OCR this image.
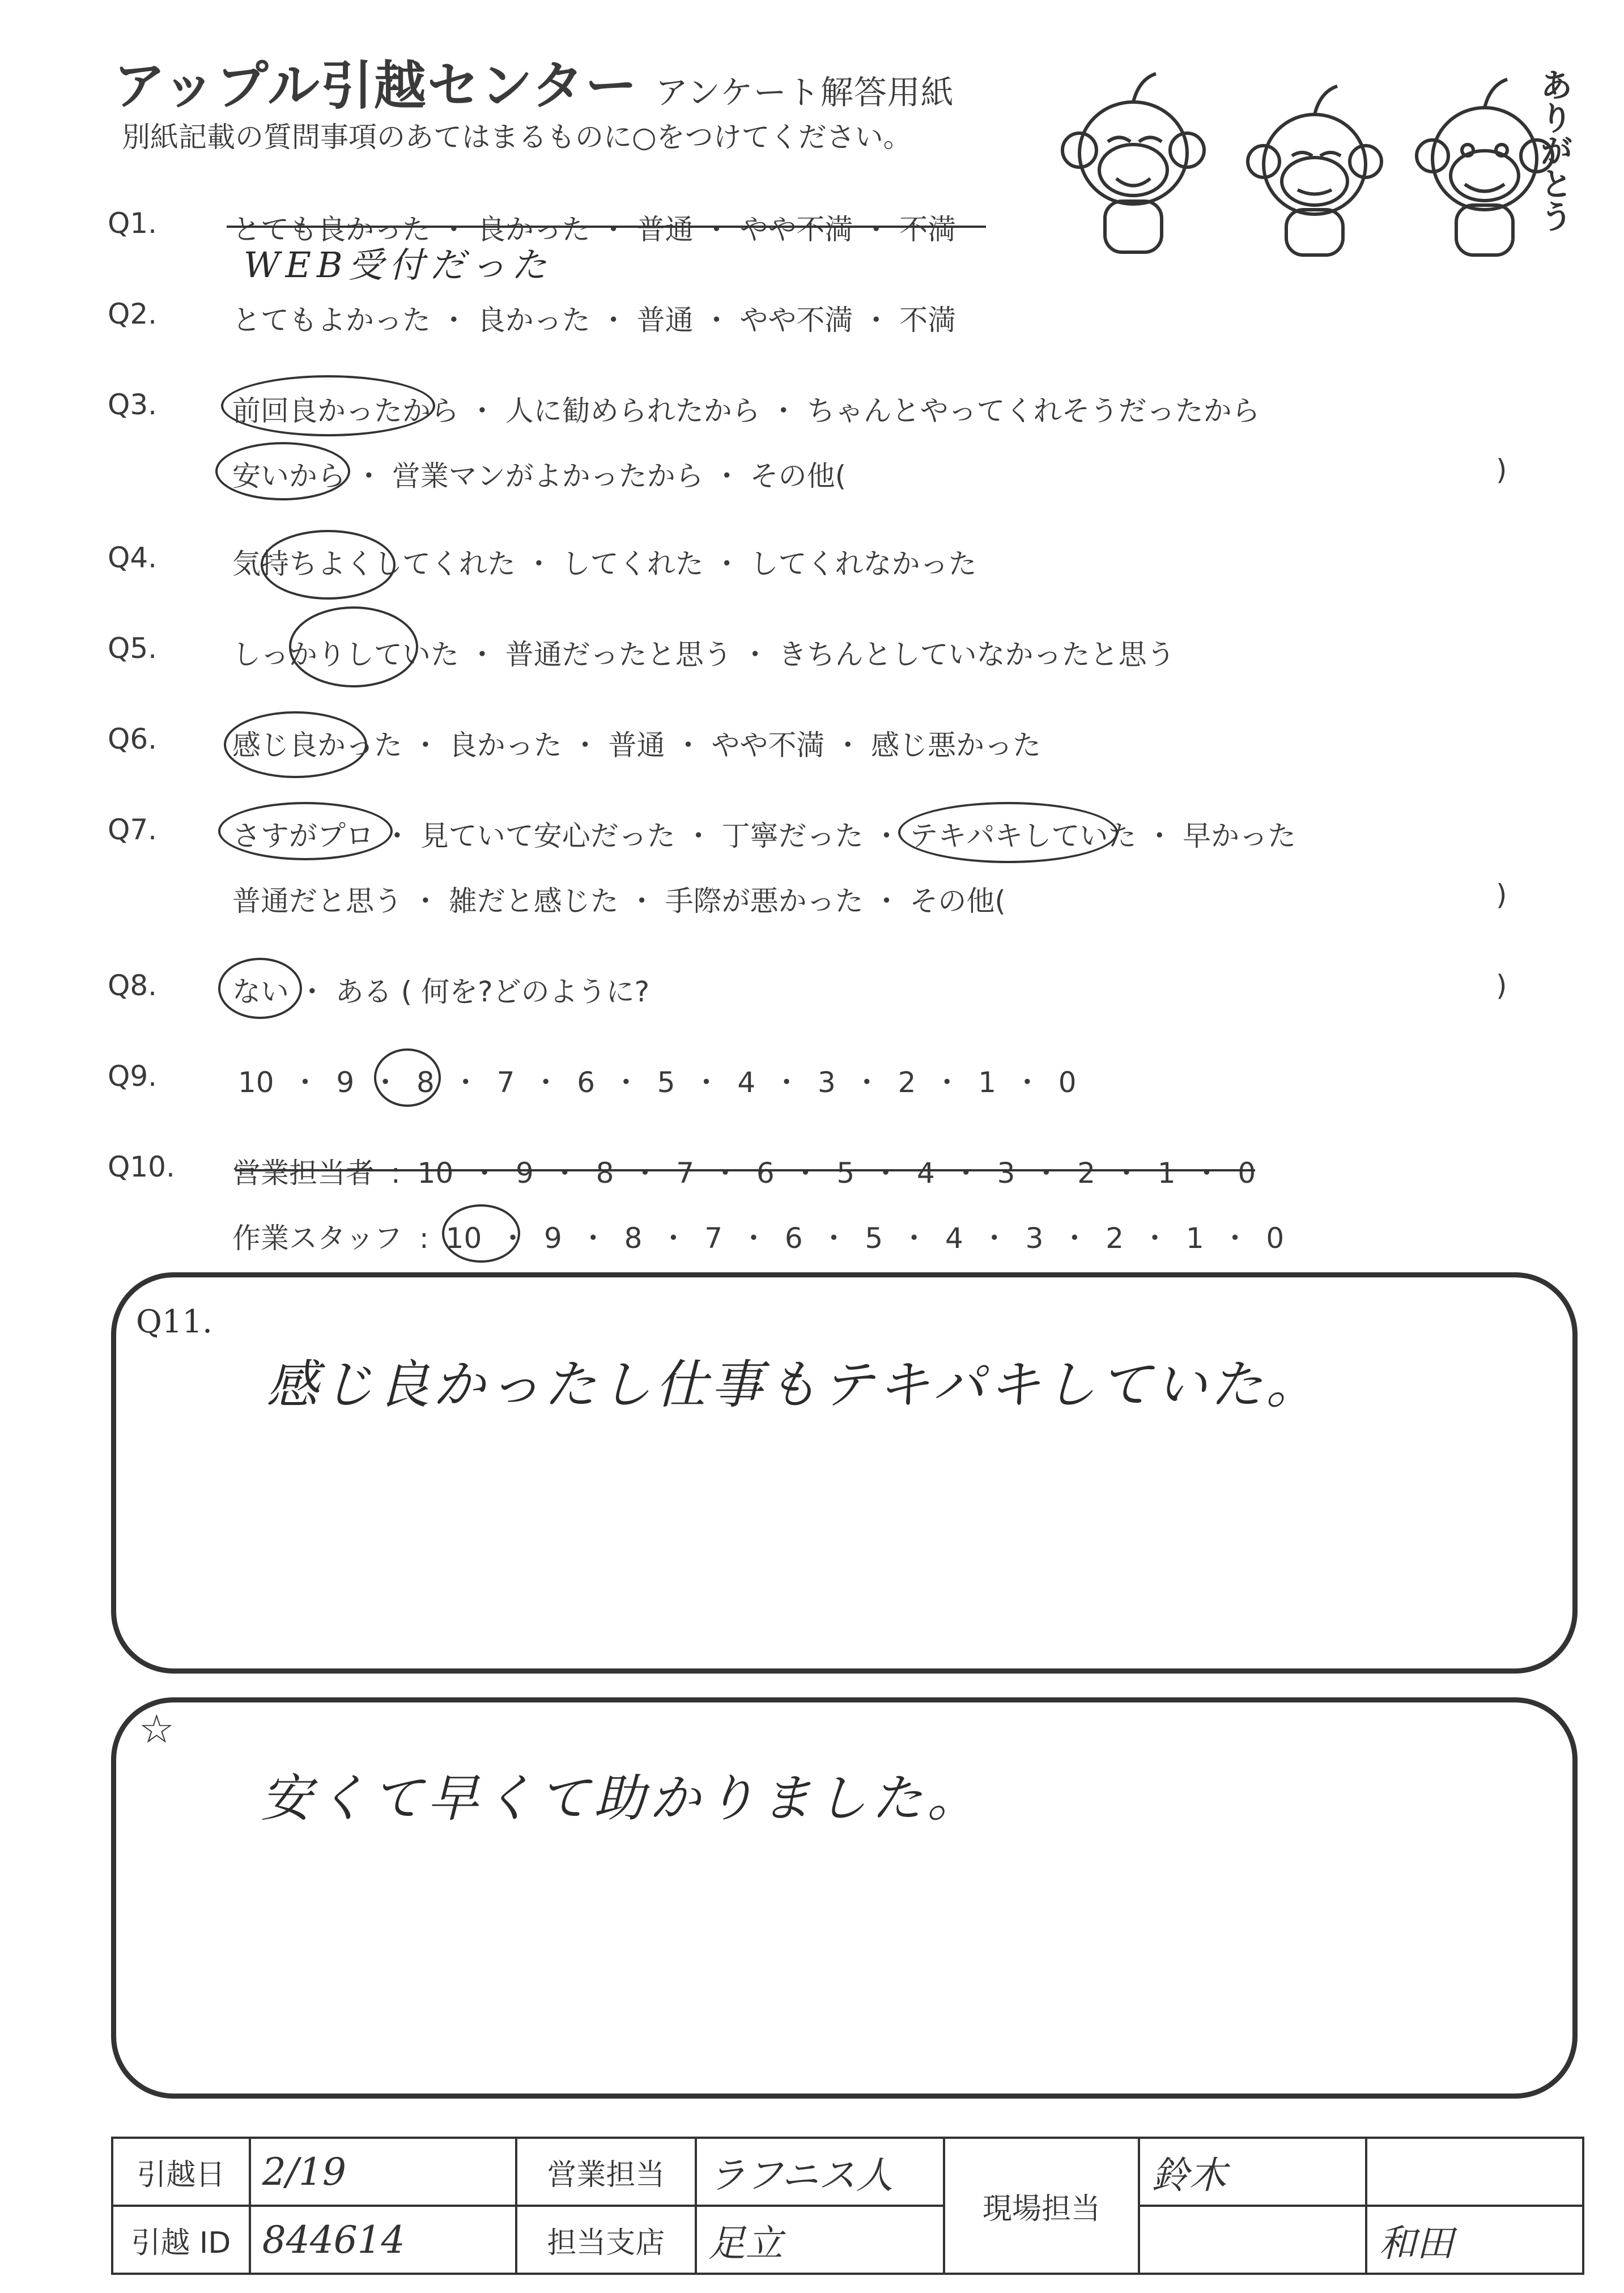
アップル引越センター アンケート解答用紙
別紙記載の質問事項のあてはまるものに○をつけてください。	ありがとう
Q1.	とても良かった ・ 良かった ・ 普通 ・ やや不満 ・ 不満
WEB受付だった
Q2.	とてもよかった ・ 良かった ・ 普通 ・ やや不満 ・ 不満
Q3.	前回良かったから ・ 人に勧められたから ・ ちゃんとやってくれそうだったから
安いから ・ 営業マンがよかったから ・ その他(	)
Q4.	気持ちよくしてくれた ・ してくれた ・ してくれなかった
Q5.	しっかりしていた ・ 普通だったと思う ・ きちんとしていなかったと思う
Q6.	感じ良かった ・ 良かった ・ 普通 ・ やや不満 ・ 感じ悪かった
Q7.	さすがプロ ・ 見ていて安心だった ・ 丁寧だった ・ テキパキしていた ・ 早かった
普通だと思う ・ 雑だと感じた ・ 手際が悪かった ・ その他(	)
Q8.	ない ・ ある ( 何を?どのように?	)
Q9.	10 ・ 9 ・ 8 ・ 7 ・ 6 ・ 5 ・ 4 ・ 3 ・ 2 ・ 1 ・ 0
Q10. 営業担当者 : 10 ・ 9 ・ 8 ・ 7 ・ 6 ・ 5 ・ 4 ・ 3 ・ 2 ・ 1 ・ 0
作業スタッフ : 10 ・ 9 ・ 8 ・ 7 ・ 6 ・ 5 ・ 4 ・ 3 ・ 2 ・ 1 ・ 0
Q11.
感じ良かったし仕事もテキパキしていた。
☆
安くて早くて助かりました。
引越日	2/19	営業担当	ラフニス人	現場担当	鈴木	
引越 ID	844614	担当支店	足立			和田
